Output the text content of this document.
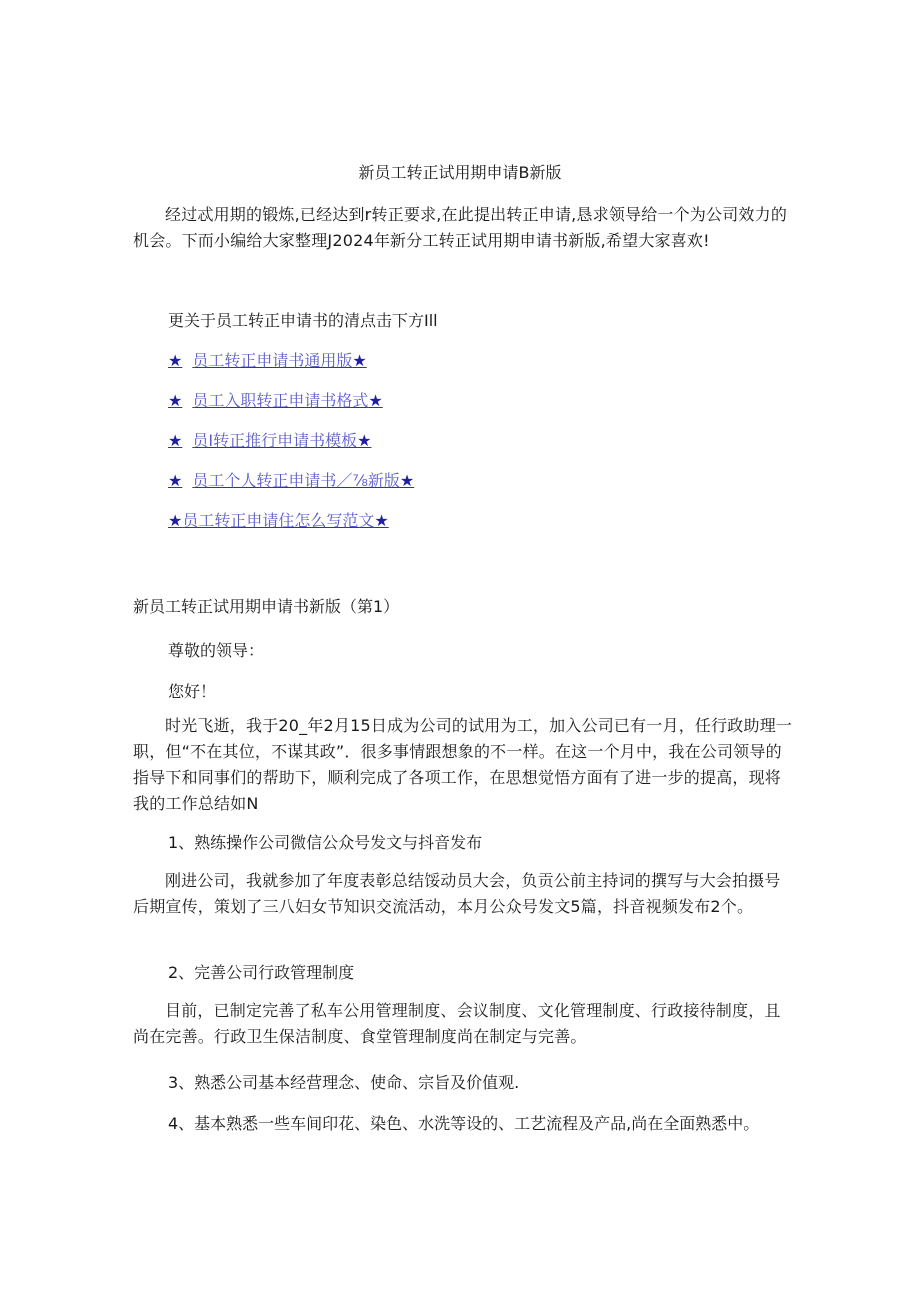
新员工转正试用期申请B新版
经过忒用期的锻炼,已经达到r转正要求,在此提出转正申请,恳求领导给一个为公司效力的机会。下而小编给大家整理J2024年新分工转正试用期申请书新版,希望大家喜欢!
更关于员工转正申请书的清点击下方Ill
★ 员工转正申请书通用版★
★ 员工入职转正申请书格式★
★ 员I转正推行申请书模板★
★ 员工个人转正申请书／⅞新版★
★员工转正申请住怎么写范文★
新员工转正试用期申请书新版（第1）
尊敬的领导：
您好！
时光飞逝，我于20_年2月15日成为公司的试用为工，加入公司已有一月，任行政助理一职，但“不在其位，不谋其政”．很多事情跟想象的不一样。在这一个月中，我在公司领导的指导下和同事们的帮助下，顺利完成了各项工作，在思想觉悟方面有了进一步的提高，现将我的工作总结如N
1、熟练操作公司微信公众号发文与抖音发布
刚进公司，我就参加了年度表彰总结馁动员大会，负贡公前主持词的撰写与大会拍摄号后期宣传，策划了三八妇女节知识交流活动，本月公众号发文5篇，抖音视频发布2个。
2、完善公司行政管理制度
目前，已制定完善了私车公用管理制度、会议制度、文化管理制度、行政接待制度，且尚在完善。行政卫生保洁制度、食堂管理制度尚在制定与完善。
3、熟悉公司基本经营理念、使命、宗旨及价值观.
4、基本熟悉一些车间印花、染色、水洗等设的、工艺流程及产品,尚在全面熟悉中。
